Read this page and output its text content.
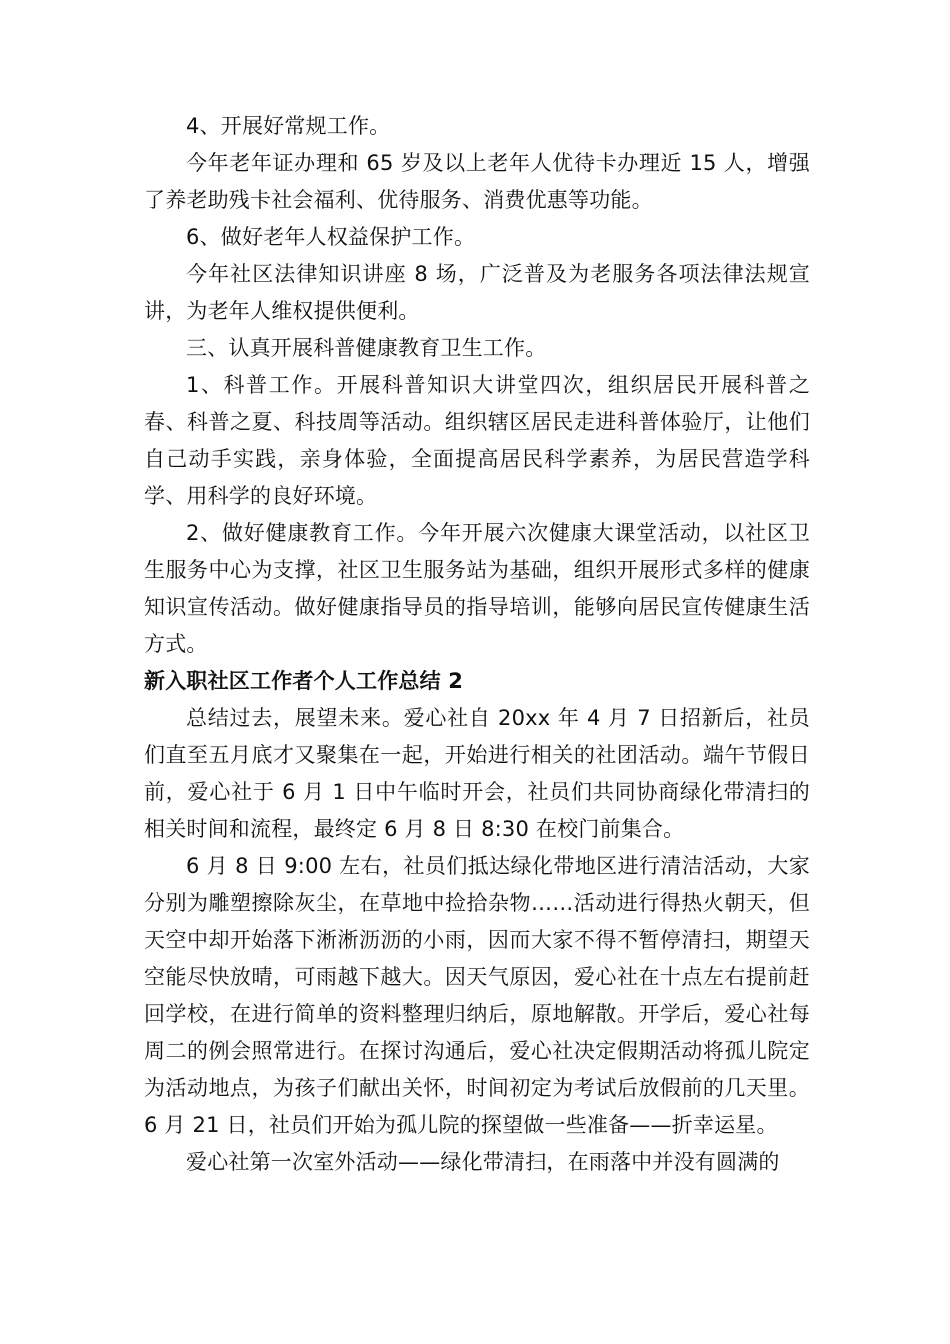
4、开展好常规工作。

今年老年证办理和 65 岁及以上老年人优待卡办理近 15 人，增强了养老助残卡社会福利、优待服务、消费优惠等功能。

6、做好老年人权益保护工作。

今年社区法律知识讲座 8 场，广泛普及为老服务各项法律法规宣讲，为老年人维权提供便利。

三、认真开展科普健康教育卫生工作。

1、科普工作。开展科普知识大讲堂四次，组织居民开展科普之春、科普之夏、科技周等活动。组织辖区居民走进科普体验厅，让他们自己动手实践，亲身体验，全面提高居民科学素养，为居民营造学科学、用科学的良好环境。

2、做好健康教育工作。今年开展六次健康大课堂活动，以社区卫生服务中心为支撑，社区卫生服务站为基础，组织开展形式多样的健康知识宣传活动。做好健康指导员的指导培训，能够向居民宣传健康生活方式。

新入职社区工作者个人工作总结 2

总结过去，展望未来。爱心社自 20xx 年 4 月 7 日招新后，社员们直至五月底才又聚集在一起，开始进行相关的社团活动。端午节假日前，爱心社于 6 月 1 日中午临时开会，社员们共同协商绿化带清扫的相关时间和流程，最终定 6 月 8 日 8:30 在校门前集合。

6 月 8 日 9:00 左右，社员们抵达绿化带地区进行清洁活动，大家分别为雕塑擦除灰尘，在草地中捡拾杂物……活动进行得热火朝天，但天空中却开始落下淅淅沥沥的小雨，因而大家不得不暂停清扫，期望天空能尽快放晴，可雨越下越大。因天气原因，爱心社在十点左右提前赶回学校，在进行简单的资料整理归纳后，原地解散。开学后，爱心社每周二的例会照常进行。在探讨沟通后，爱心社决定假期活动将孤儿院定为活动地点，为孩子们献出关怀，时间初定为考试后放假前的几天里。6 月 21 日，社员们开始为孤儿院的探望做一些准备——折幸运星。

爱心社第一次室外活动——绿化带清扫，在雨落中并没有圆满的
